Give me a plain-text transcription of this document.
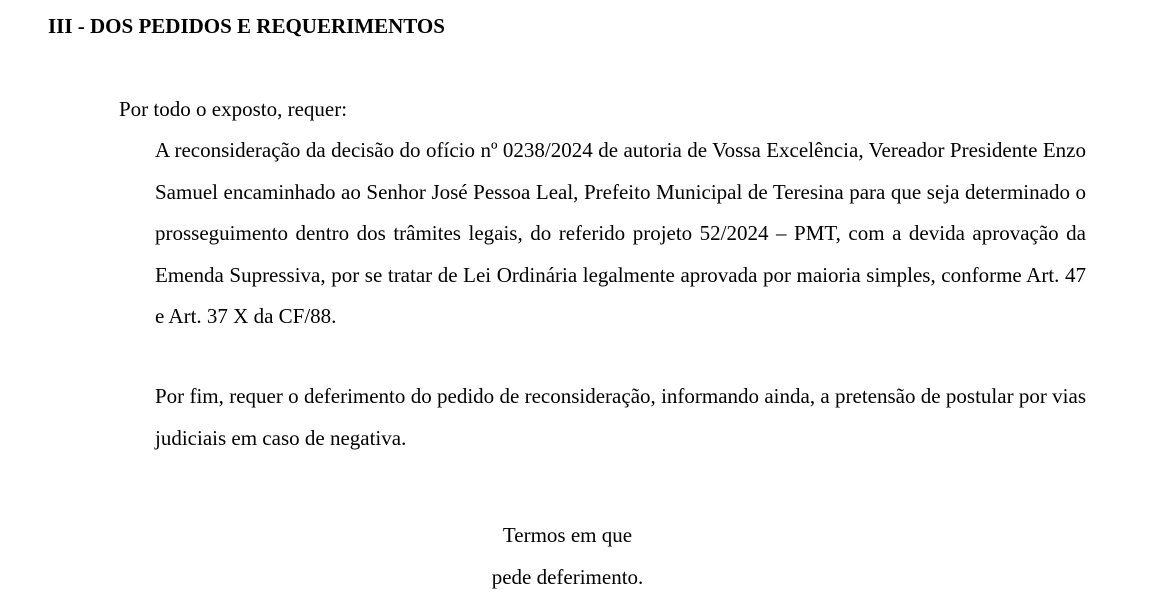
III - DOS PEDIDOS E REQUERIMENTOS
Por todo o exposto, requer:

A reconsideração da decisão do ofício nº 0238/2024 de autoria de Vossa Excelência, Vereador Presidente Enzo Samuel encaminhado ao Senhor José Pessoa Leal, Prefeito Municipal de Teresina para que seja determinado o prosseguimento dentro dos trâmites legais, do referido projeto 52/2024 – PMT, com a devida aprovação da Emenda Supressiva, por se tratar de Lei Ordinária legalmente aprovada por maioria simples, conforme Art. 47 e Art. 37 X da CF/88.

Por fim, requer o deferimento do pedido de reconsideração, informando ainda, a pretensão de postular por vias judiciais em caso de negativa.

Termos em que
pede deferimento.
